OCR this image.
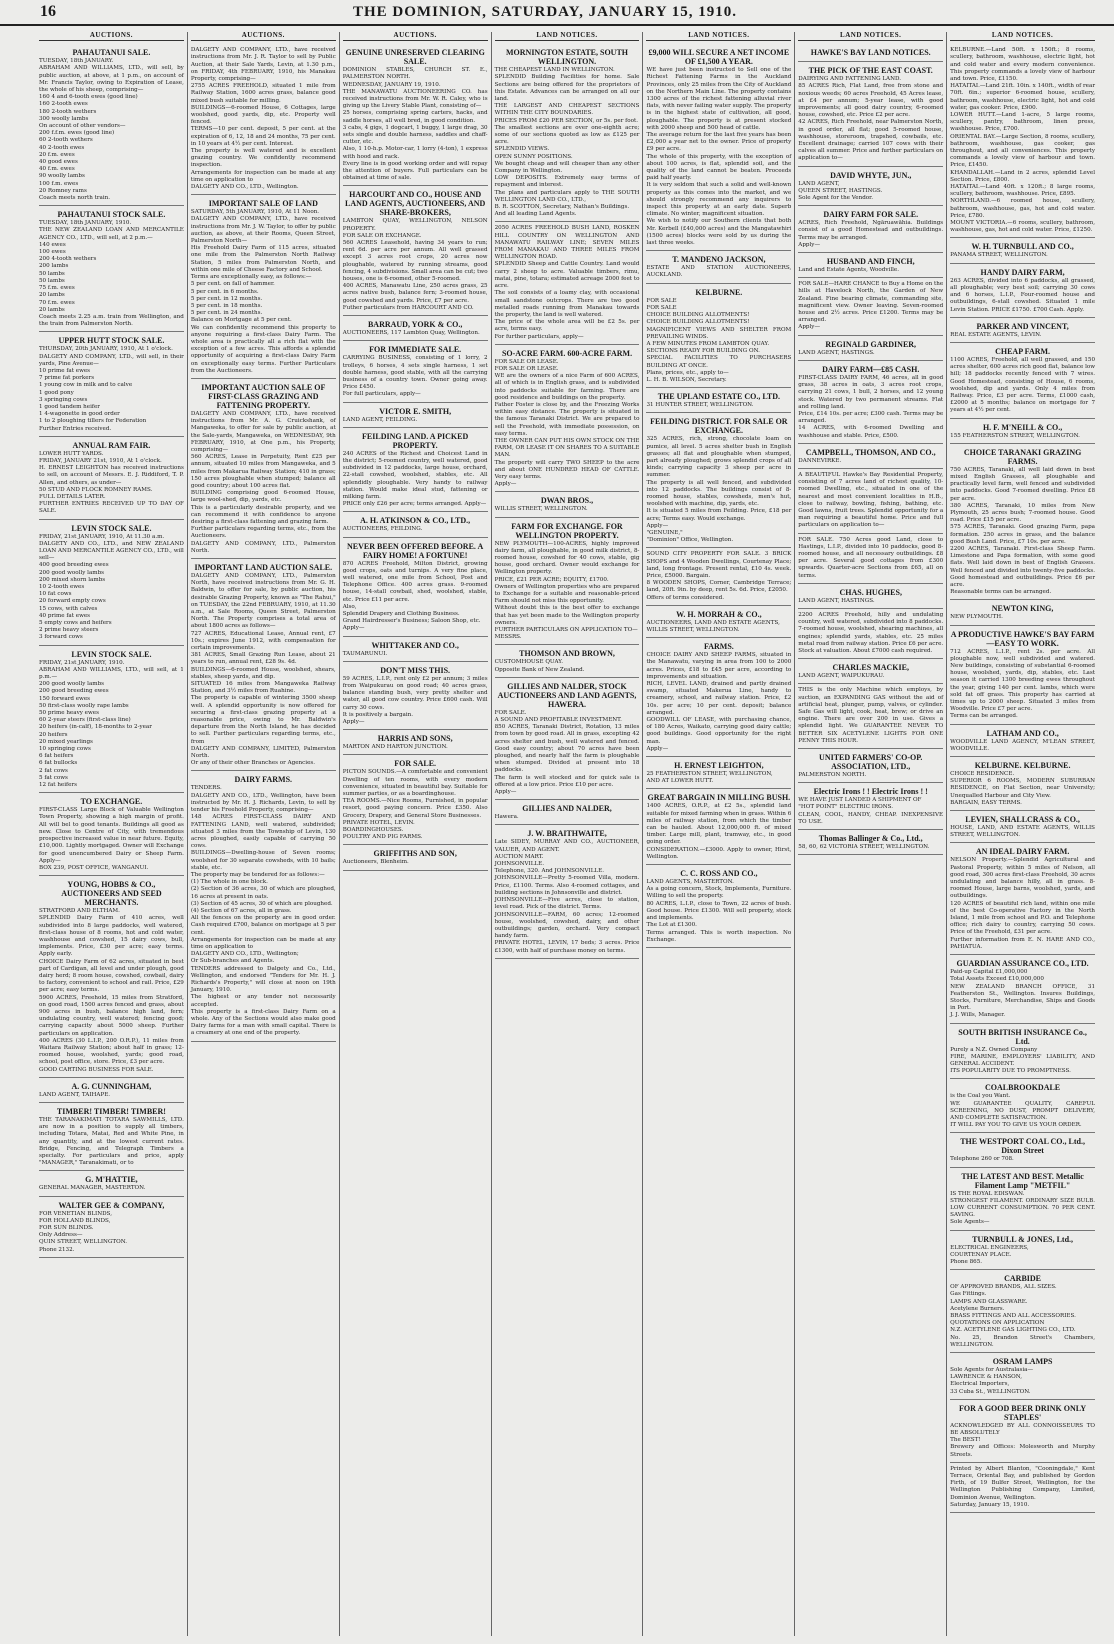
16	THE DOMINION, SATURDAY, JANUARY 15, 1910.
AUCTIONS.
PAHAUTANUI SALE.

TUESDAY, 18th JANUARY.
ABRAHAM AND WILLIAMS, LTD., will sell, by public auction, at above, at 1 p.m., on account of Mr. Francis Taylor, owing to Expiration of Lease, the whole of his sheep, comprising—
160 4 and 6-tooth ewes (good line)
160 2-tooth ewes
180 2-tooth wethers
300 woolly lambs
On account of other vendors—
200 f.f.m. ewes (good line)
60 2-tooth wethers
40 2-tooth ewes
20 f.m. ewes
40 good ewes
40 f.m. ewes
90 woolly lambs
100 f.m. ewes
20 Romney rams
Coach meets north train.

PAHAUTANUI STOCK SALE.

TUESDAY, 18th JANUARY, 1910.
THE NEW ZEALAND LOAN AND MERCANTILE AGENCY CO., LTD., will sell, at 2 p.m.—
140 ewes
100 ewes
200 4-tooth wethers
200 lambs
50 lambs
50 lambs
75 f.m. ewes
20 lambs
70 f.m. ewes
20 lambs
Coach meets 2.25 a.m. train from Wellington, and the train from Palmerston North.

UPPER HUTT STOCK SALE.

THURSDAY, 20th JANUARY, 1910, At 1 o'clock.
DALGETY AND COMPANY, LTD., will sell, in their yards, Pine Avenue—
10 prime fat ewes
7 prime fat porkers
1 young cow in milk and to calve
1 good pony
3 springing cows
1 good tandem heifer
1 4-wagonette in good order
1 to 2 ploughing tillers for Federation
Further Entries received.

ANNUAL RAM FAIR.

LOWER HUTT YARDS.
FRIDAY, JANUARY 21st, 1910, At 1 o'clock.
H. ERNEST LEIGHTON has received instructions to sell, on account of Messrs. E. J. Riddiford, T. P. Allen, and others, as under—
50 STUD AND FLOCK ROMNEY RAMS.
FULL DETAILS LATER.
FURTHER ENTRIES RECEIVED UP TO DAY OF SALE.

LEVIN STOCK SALE.

FRIDAY, 21st JANUARY, 1910, At 11.30 a.m.
DALGETY AND CO., LTD., and NEW ZEALAND LOAN AND MERCANTILE AGENCY CO., LTD., will sell—
400 good breeding ewes
200 good woolly lambs
200 mixed shorn lambs
10 2-tooth ewes
10 fat cows
20 forward empty cows
15 cows, with calves
40 prime fat ewes
5 empty cows and heifers
2 prime heavy steers
3 forward cows

LEVIN STOCK SALE.

FRIDAY, 21st JANUARY, 1910.
ABRAHAM AND WILLIAMS, LTD., will sell, at 1 p.m.—
200 good woolly lambs
200 good breeding ewes
150 forward ewes
50 first-class woolly rape lambs
50 prime heavy ewes
60 2-year steers (first-class line)
20 heifers (in-calf), 18-months to 2-year
20 heifers
20 mixed yearlings
10 springing cows
6 fat heifers
6 fat bullocks
2 fat cows
5 fat cows
12 fat heifers

TO EXCHANGE.

FIRST-CLASS Large Block of Valuable Wellington Town Property, showing a high margin of profit. All will bel to good tenants. Buildings all good as new. Close to Centre of City, with tremendous prospective increased value in near future. Equity, £10,000. Lightly mortgaged. Owner will Exchange for good unencumbered Dairy or Sheep Farm. Apply—
BOX 239, POST OFFICE, WANGANUI.

YOUNG, HOBBS & CO., AUCTIONEERS AND SEED MERCHANTS.

STRATFORD AND ELTHAM.
SPLENDID Dairy Farm of 410 acres, well subdivided into 8 large paddocks, well watered, first-class house of 8 rooms, hot and cold water, washhouse and cowshed, 15 dairy cows, bull, implements. Price, £30 per acre; easy terms. Apply early.
CHOICE Dairy Farm of 62 acres, situated in best part of Cardigan, all level and under plough, good dairy herd; 8 room house, cowshed, cowbail, dairy to factory, convenient to school and rail. Price, £29 per acre; easy terms.
5900 ACRES, Freehold, 15 miles from Stratford, on good road, 1500 acres fenced and grass, about 900 acres in bush, balance high land, fern; undulating country, well watered; fencing good; carrying capacity about 5000 sheep. Further particulars on application.
400 ACRES (30 L.I.P., 200 O.R.P.), 11 miles from Waitara Railway Station; about half in grass; 12-roomed house, woolshed, yards; good road, school, post office, store. Price, £3 per acre.
GOOD CARTING BUSINESS FOR SALE.

A. G. CUNNINGHAM,

LAND AGENT, TAIHAPE.

TIMBER! TIMBER! TIMBER!

THE TARANAKIMATI TOTARA SAWMILLS, LTD. are now in a position to supply all timbers, including Totara, Matai, Red and White Pine, in any quantity, and at the lowest current rates. Bridge, Fencing, and Telegraph Timbers a specialty. For particulars and price, apply "MANAGER," Taranakimati, or to

G. M'HATTIE,

GENERAL MANAGER, MASTERTON.

WALTER GEE & COMPANY,

FOR VENETIAN BLINDS,
FOR HOLLAND BLINDS,
FOR SUN BLINDS.
Only Address—
QUIN STREET, WELLINGTON.
Phone 2132.

AUCTIONS.

DALGETY AND COMPANY, LTD., have received instructions from Mr. J. R. Taylor to sell by Public Auction, at their Sale Yards, Levin, at 1.30 p.m., on FRIDAY, 4th FEBRUARY, 1910, his Manakau Property, comprising—
2755 ACRES FREEHOLD, situated 1 mile from Railway Station, 1600 acres grass, balance good mixed bush suitable for milling.
BUILDINGS—6-roomed House, 6 Cottages, large woolshed, good yards, dip, etc. Property well fenced.
TERMS—10 per cent. deposit, 5 per cent. at the expiration of 6, 12, 18 and 24 months, 75 per cent. in 10 years at 4½ per cent. Interest.
The property is well watered and is excellent grazing country. We confidently recommend inspection.
Arrangements for inspection can be made at any time on application to
DALGETY AND CO., LTD., Wellington.

IMPORTANT SALE OF LAND

SATURDAY, 5th JANUARY, 1910, At 11 Noon.
DALGETY AND COMPANY, LTD., have received instructions from Mr. J. W. Taylor, to offer by public auction, as above, at their Rooms, Queen Street, Palmerston North—
His Freehold Dairy Farm of 115 acres, situated one mile from the Palmerston North Railway Station, 5 miles from Palmerston North, and within one mile of Cheese Factory and School.
Terms are exceptionally easy, as follows:—
5 per cent. on fall of hammer.
5 per cent. in 6 months.
5 per cent. in 12 months.
5 per cent. in 18 months.
5 per cent. in 24 months.
Balance on Mortgage at 5 per cent.
We can confidently recommend this property to anyone requiring a first-class Dairy Farm. The whole area is practically all a rich flat with the exception of a few acres. This affords a splendid opportunity of acquiring a first-class Dairy Farm on exceptionally easy terms. Further Particulars from the Auctioneers.

IMPORTANT AUCTION SALE OF FIRST-CLASS GRAZING AND FATTENING PROPERTY.

DALGETY AND COMPANY, LTD., have received instructions from Mr. A. G. Cruickshank, of Mangaweka, to offer for sale by public auction, at the Sale-yards, Mangaweka, on WEDNESDAY, 9th FEBRUARY, 1910, at One p.m., his Property, comprising—
560 ACRES, Lease in Perpetuity, Rent £25 per annum, situated 10 miles from Mangaweka, and 5 miles from Makarua Railway Station; 410 in grass; 150 acres ploughable when stumped; balance all good country; about 100 acres flat.
BUILDING comprising good 6-roomed House, large wool-shed, dip, yards, etc.
This is a particularly desirable property, and we can recommend it with confidence to anyone desiring a first-class fattening and grazing farm.
Further particulars regarding terms, etc., from the Auctioneers.
DALGETY AND COMPANY, LTD., Palmerston North.

IMPORTANT LAND AUCTION SALE.

DALGETY AND COMPANY, LTD., Palmerston North, have received instructions from Mr. G. H. Baldwin, to offer for sale, by public auction, his desirable Grazing Property, known as "The Rahui," on TUESDAY, the 22nd FEBRUARY, 1910, at 11.30 a.m., at Sale Rooms, Queen Street, Palmerston North. The Property comprises a total area of about 1800 acres as follows—
727 ACRES, Educational Lease, Annual rent, £7 10s.; expires June 1912, with compensation for certain improvements.
381 ACRES, Small Grazing Run Lease, about 21 years to run, annual rent, £28 9s. 4d.
BUILDINGS—6-roomed House, woolshed, shears, stables, sheep yards, and dip.
SITUATED 16 miles from Mangaweka Railway Station, and 3½ miles from Ruahine.
The property is capable of wintering 3500 sheep well. A splendid opportunity is now offered for securing a first-class grazing property at a reasonable price, owing to Mr. Baldwin's departure from the North Island, he has decided to sell. Further particulars regarding terms, etc., from
DALGETY AND COMPANY, LIMITED, Palmerston North.
Or any of their other Branches or Agencies.

DAIRY FARMS.

TENDERS.
DALGETY AND CO., LTD., Wellington, have been instructed by Mr. H. J. Richards, Levin, to sell by tender his Freehold Property, comprising—
148 ACRES FIRST-CLASS DAIRY AND FATTENING LAND, well watered, subdivided; situated 3 miles from the Township of Levin, 130 acres ploughed, easily capable of carrying 50 cows.
BUILDINGS—Dwelling-house of Seven rooms; woolshed for 30 separate cowsheds, with 10 bails; stable, etc.
The property may be tendered for as follows:—
(1) The whole in one block.
(2) Section of 36 acres, 30 of which are ploughed, 16 acres at present in oats.
(3) Section of 45 acres, 30 of which are ploughed.
(4) Section of 67 acres, all in grass.
All the fences on the property are in good order. Cash required £700, balance on mortgage at 5 per cent.
Arrangements for inspection can be made at any time on application to
DALGETY AND CO., LTD., Wellington;
Or Sub-branches and Agents.
TENDERS addressed to Dalgety and Co., Ltd., Wellington, and endorsed "Tenders for Mr. H. J. Richards's Property," will close at noon on 19th January, 1910.
The highest or any tender not necessarily accepted.
This property is a first-class Dairy Farm on a whole. Any of the Sections would also make good Dairy farms for a man with small capital. There is a creamery at one end of the property.

AUCTIONS.
GENUINE UNRESERVED CLEARING SALE.

DOMINION STABLES, CHURCH ST. E., PALMERSTON NORTH.
WEDNESDAY, JANUARY 19, 1910.
THE MANAWATU AUCTIONEERING CO. has received instructions from Mr. W. R. Caley, who is giving up the Livery Stable Plant, consisting of—
25 horses, comprising spring carters, hacks, and saddle horses, all well bred, in good condition.
3 cabs, 4 gigs, 1 dogcart, 1 buggy, 1 large drag, 30 sets single and double harness, saddles and chaff-cutter, etc.
Also, 1 10-h.p. Motor-car, 1 lorry (4-ton), 1 express with hood and rack.
Every line is in good working order and will repay the attention of buyers. Full particulars can be obtained at time of sale.

HARCOURT AND CO., HOUSE AND LAND AGENTS, AUCTIONEERS, AND SHARE-BROKERS,

LAMBTON QUAY, WELLINGTON, NELSON PROPERTY.
FOR SALE OR EXCHANGE.
560 ACRES Leasehold, having 34 years to run; rent 6d. per acre per annum. All well grassed except 3 acres root crops, 20 acres now ploughable, watered by running streams, good fencing, 4 subdivisions. Small area can be cut; two houses, one is 6-roomed, other 5-roomed.
400 ACRES, Manawatu Line, 250 acres grass, 25 acres native bush, balance fern; 3-roomed house, good cowshed and yards. Price, £7 per acre.
Futher particulars from HARCOURT AND CO.

BARRAUD, YORK & CO.,

AUCTIONEERS, 117 Lambton Quay, Wellington.

FOR IMMEDIATE SALE.

CARRYING BUSINESS, consisting of 1 lorry, 2 trolleys, 6 horses, 4 sets single harness, 1 set double harness, good stable, with all the carrying business of a country town. Owner going away. Price £450.
For full particulars, apply—

VICTOR E. SMITH,

LAND AGENT, FEILDING.

FEILDING LAND. A PICKED PROPERTY.

240 ACRES of the Richest and Choicest Land in the district; 5-roomed country, well watered, good subdivided in 12 paddocks, large house, orchard, 22-stall cowshed, woolshed, stables, etc. All splendidly ploughable. Very handy to railway station. Would make ideal stud, fattening or milking farm.
PRICE only £26 per acre; terms arranged. Apply—

A. H. ATKINSON & CO., LTD.,

AUCTIONEERS, FEILDING.

NEVER BEEN OFFERED BEFORE. A FAIRY HOME! A FORTUNE!

870 ACRES Freehold, Milton District, growing good crops, oats and turnips. A very fine place, well watered, one mile from School, Post and Telephone Office. 400 acres grass. 9-roomed house, 14-stall cowbail, shed, woolshed, stable, etc. Price £11 per acre.
Also,
Splendid Drapery and Clothing Business.
Grand Hairdresser's Business; Saloon Shop, etc.
Apply—

WHITTAKER AND CO.,

TAUMARUNUI.

DON'T MISS THIS.

59 ACRES, L.I.P., rent only £2 per annum; 3 miles from Waipukurau on good road; 40 acres grass, balance standing bush, very pretty shelter and water, all good cow country. Price £600 cash. Will carry 30 cows.
It is positively a bargain.
Apply—

HARRIS AND SONS,

MARTON AND HARTON JUNCTION.

FOR SALE.

PICTON SOUNDS.—A comfortable and convenient Dwelling of ten rooms, with every modern convenience, situated in beautiful bay. Suitable for summer parties, or as a boardinghouse.
TEA ROOMS.—Nice Rooms, Furnished, in popular resort, good paying concern. Price £350. Also Grocery, Drapery, and General Store Businesses.
PRIVATE HOTEL, LEVIN.
BOARDINGHOUSES.
POULTRY AND PIG FARMS.

GRIFFITHS AND SON,

Auctioneers, Blenheim.

LAND NOTICES.
MORNINGTON ESTATE, SOUTH WELLINGTON.

THE CHEAPEST LAND IN WELLINGTON.
SPLENDID Building Facilities for home. Sale Sections are being offered for the proprietors of this Estate. Advances can be arranged on all our land.
THE LARGEST AND CHEAPEST SECTIONS WITHIN THE CITY BOUNDARIES.
PRICES FROM £20 PER SECTION, or 5s. per foot.
The smallest sections are over one-eighth acre; some of our sections quoted as low as £125 per acre.
SPLENDID VIEWS.
OPEN SUNNY POSITIONS.
We bought cheap and will cheaper than any other Company in Wellington.
LOW DEPOSITS. Extremely easy terms of repayment and interest.
The plans and particulars apply to THE SOUTH WELLINGTON LAND CO., LTD.,
B. R. SCOTTON, Secretary, Nathan's Buildings.
And all leading Land Agents.

2050 ACRES FREEHOLD BUSH LAND, ROSKEN HILL COUNTRY ON WELLINGTON AND MANAWATU RAILWAY LINE; SEVEN MILES FROM MANAKAU AND THREE MILES FROM WELLINGTON ROAD.
SPLENDID Sheep and Cattle Country. Land would carry 2 sheep to acre. Valuable timbers, rimu, matai, pine, totara; estimated acreage 2000 feet to acre.
The soil consists of a loamy clay, with occasional small sandstone outcrops. There are two good metalled roads running from Manakau towards the property, the land is well watered.
The price of the whole area will be £2 5s. per acre, terms easy.
For further particulars, apply—

SO-ACRE FARM. 600-ACRE FARM.

FOR SALE OR LEASE.
FOR SALE OR LEASE.
WE are the owners of a nice Farm of 600 ACRES, all of which is in English grass, and is subdivided into paddocks suitable for farming. There are good residence and buildings on the property.
Father Foster is close by, and the Freezing Works within easy distance. The property is situated in the famous Taranaki District. We are prepared to sell the Freehold, with immediate possession, on easy terms.
THE OWNER CAN PUT HIS OWN STOCK ON THE FARM, OR LEASE IT ON SHARES TO A SUITABLE MAN.
The property will carry TWO SHEEP to the acre and about ONE HUNDRED HEAD OF CATTLE. Very easy terms.
Apply—

DWAN BROS.,

WILLIS STREET, WELLINGTON.

FARM FOR EXCHANGE. FOR WELLINGTON PROPERTY.

NEW PLYMOUTH—100-ACRES, highly improved dairy farm, all ploughable, in good milk district, 8-roomed house, cowshed for 40 cows, stable, gig house, good orchard. Owner would exchange for Wellington property.
PRICE, £21 PER ACRE; EQUITY, £1700.
Owners of Wellington properties who are prepared to Exchange for a suitable and reasonable-priced Farm should not miss this opportunity.
Without doubt this is the best offer to exchange that has yet been made to the Wellington property owners.
FURTHER PARTICULARS ON APPLICATION TO—
MESSRS.

THOMSON AND BROWN,

CUSTOMHOUSE QUAY.
Opposite Bank of New Zealand.

GILLIES AND NALDER, STOCK AUCTIONEERS AND LAND AGENTS, HAWERA.

FOR SALE.
A SOUND AND PROFITABLE INVESTMENT.
850 ACRES, Taranaki District, Rotation, 13 miles from town by good road. All in grass, excepting 42 acres shelter and bush, well watered and fenced. Good easy country; about 70 acres have been ploughed, and nearly half the farm is ploughable when stumped. Divided at present into 18 paddocks.
The farm is well stocked and for quick sale is offered at a low price. Price £10 per acre.
Apply—

GILLIES AND NALDER,

Hawera.

J. W. BRAITHWAITE,

Late SIDEY, MURRAY AND CO., AUCTIONEER, VALUER, AND AGENT.
AUCTION MART.
JOHNSONVILLE.
Telephone, 320. And JOHNSONVILLE.
JOHNSONVILLE—Pretty 5-roomed Villa, modern. Price, £1100. Terms. Also 4-roomed cottages, and building sections in Johnsonville and district.
JOHNSONVILLE—Five acres, close to station, level road. Pick of the district. Terms.
JOHNSONVILLE—FARM, 60 acres; 12-roomed house, woolshed, cowshed, dairy, and other outbuildings; garden, orchard. Very compact handy farm.
PRIVATE HOTEL, LEVIN, 17 beds; 3 acres. Price £1300, with half of purchase money on terms.

LAND NOTICES.
£9,000 WILL SECURE A NET INCOME OF £1,500 A YEAR.

WE have just been instructed to Sell one of the Richest Fattening Farms in the Auckland Provinces, only 25 miles from the City of Auckland on the Northern Main Line. The property contains 1300 acres of the richest fattening alluvial river flats, with never failing water supply. The property is in the highest state of cultivation, all good, ploughable. The property is at present stocked with 2000 sheep and 500 head of cattle.
The average return for the last five years has been £2,000 a year net to the owner. Price of property £9 per acre.
The whole of this property, with the exception of about 100 acres, is flat, splendid soil, and the quality of the land cannot be beaten. Proceeds paid half yearly.
It is very seldom that such a solid and well-known property as this comes into the market, and we should strongly recommend any inquirers to inspect this property at an early date. Superb climate. No winter, magnificent situation.
We wish to notify our Southern clients that both Mr. Kerbell (£40,000 acres) and the Mangatawhiri (1500 acres) blocks were sold by us during the last three weeks.

T. MANDENO JACKSON,

ESTATE AND STATION AUCTIONEERS, AUCKLAND.

KELBURNE.

FOR SALE
FOR SALE
CHOICE BUILDING ALLOTMENTS!
CHOICE BUILDING ALLOTMENTS!
MAGNIFICENT VIEWS AND SHELTER FROM PREVAILING WINDS.
A FEW MINUTES FROM LAMBTON QUAY.
SECTIONS READY FOR BUILDING ON.
SPECIAL FACILITIES TO PURCHASERS BUILDING AT ONCE.
Plans, prices, etc., apply to—
L. H. B. WILSON, Secretary.

THE UPLAND ESTATE CO., LTD.

31 HUNTER STREET, WELLINGTON.

FEILDING DISTRICT. FOR SALE OR EXCHANGE.

325 ACRES, rich, strong, chocolate loam on pumice, all level. 5 acres shelter bush in English grasses; all flat and ploughable when stumped, part already ploughed; grows splendid crops of all kinds; carrying capacity 3 sheep per acre in summer.
The property is all well fenced, and subdivided into 12 paddocks. The buildings consist of 8-roomed house, stables, cowsheds, men's hut, woolshed with machine, dip, yards, etc.
It is situated 5 miles from Feilding. Price, £18 per acre; Terms easy. Would exchange.
Apply—
"GENUINE,"
"Dominion" Office, Wellington.

SOUND CITY PROPERTY FOR SALE. 3 BRICK SHOPS and 4 Wooden Dwellings, Courtenay Place; land, long frontage. Present rental, £10 4s. week. Price, £5000. Bargain.
8 WOODEN SHOPS, Corner, Cambridge Terrace; land, 20ft. 9in. by deep, rent 5s. 6d. Price, £2050.
Offers of terms considered.

W. H. MORRAH & CO.,

AUCTIONEERS, LAND AND ESTATE AGENTS,
WILLIS STREET, WELLINGTON.

FARMS.

CHOICE DAIRY AND SHEEP FARMS, situated in the Manawatu, varying in area from 100 to 2000 acres. Prices, £18 to £45 per acre, according to improvements and situation.
RICH, LEVEL LAND, drained and partly drained swamp, situated Makerua Line, handy to creamery, school, and railway station. Price, £2 10s. per acre; 10 per cent. deposit; balance arranged.
GOODWILL OF LEASE, with purchasing chance, of 180 Acres, Waikato, carrying good dairy cattle; good buildings. Good opportunity for the right man.
Apply—

H. ERNEST LEIGHTON,

25 FEATHERSTON STREET, WELLINGTON,
AND AT LOWER HUTT.

GREAT BARGAIN IN MILLING BUSH.

1400 ACRES, O.R.P., at £2 5s., splendid land suitable for mixed farming when in grass. Within 6 miles of railway station, from which the timber can be hauled. About 12,000,000 ft. of mixed timber. Large mill, plant, tramway, etc., in good going order.
CONSIDERATION.—£3000. Apply to owner, Hirst, Wellington.

C. C. ROSS AND CO.,

LAND AGENTS, MASTERTON.
As a going concern, Stock, Implements, Furniture. Willing to sell the property.
80 ACRES, L.I.P., close to Town, 22 acres of bush. Good house. Price £1300. Will sell property, stock and implements.
The Lot at £1300.
Terms arranged. This is worth inspection. No Exchange.

LAND NOTICES.
HAWKE'S BAY LAND NOTICES.
THE PICK OF THE EAST COAST.

DAIRYING AND FATTENING LAND.
85 ACRES Rich, Flat Land, free from stone and noxious weeds; 60 acres Freehold, 45 Acres lease, at £4 per annum; 5-year lease, with good improvements; all good dairy country, 6-roomed house, cowshed, etc. Price £2 per acre.
42 ACRES, Rich Freehold, near Palmerston North, in good order, all flat; good 5-roomed house, washhouse, storeroom, trapshed, cowbails, etc. Excellent drainage; carried 107 cows with their calves all summer. Price and further particulars on application to—

DAVID WHYTE, JUN.,

LAND AGENT,
QUEEN STREET, HASTINGS.
Sole Agent for the Vendor.

DAIRY FARM FOR SALE.

ACRES, Rich Freehold, Ngāruawāhia. Buildings consist of a good Homestead and outbuildings. Terms may be arranged.
Apply—

HUSBAND AND FINCH,

Land and Estate Agents, Woodville.

FOR SALE—HARE CHANCE to Buy a Home on the hills at Havelock North, the Garden of New Zealand. Fine bearing climate, commanding site, magnificent view. Owner leaving. Seven-roomed house and 2½ acres. Price £1200. Terms may be arranged.
Apply—

REGINALD GARDINER,

LAND AGENT, HASTINGS.

DAIRY FARM—£85 CASH.

FIRST-CLASS DAIRY FARM, 46 acres, all in good grass, 38 acres in oats, 3 acres root crops, carrying 21 cows, 1 bull, 2 horses, and 12 young stock. Watered by two permanent streams. Flat and rolling land.
Price, £14 10s. per acre; £300 cash. Terms may be arranged.
14 ACRES, with 6-roomed Dwelling and washhouse and stable. Price, £500.

CAMPBELL, THOMSON, AND CO.,

DANNEVIRKE.

A BEAUTIFUL Hawke's Bay Residential Property, consisting of 7 acres land of richest quality, 10-roomed Dwelling, etc., situated in one of the nearest and most convenient localities in H.B., close to railway, bowling, fishing, bathing, etc. Good lawns, fruit trees. Splendid opportunity for a man requiring a beautiful home. Price and full particulars on application to—

FOR SALE. 750 Acres good Land, close to Hastings, L.I.P., divided into 10 paddocks, good 8-roomed house, and all necessary outbuildings. £8 per acre. Several good cottages from £300 upwards. Quarter-acre Sections from £65, all on terms.

CHAS. HUGHES,

LAND AGENT, HASTINGS.

2200 ACRES Freehold, hilly and undulating country, well watered, subdivided into 8 paddocks. 7-roomed house, woolshed, shearing machines, all engines; splendid yards, stables, etc. 25 miles metal road from railway station. Price £6 per acre. Stock at valuation. About £7000 cash required.

CHARLES MACKIE,

LAND AGENT, WAIPUKURAU.

THIS is the only Machine which employs, by suction, an EXPANDING GAS without the aid of artificial heat, plunger, pump, valves, or cylinder. Safe Gas will light, cook, heat, brew; or drive an engine. There are over 200 in use. Gives a splendid light. We GUARANTEE NEVER TO BETTER SIX ACETYLENE LIGHTS FOR ONE PENNY THIS HOUR.

UNITED FARMERS' CO-OP. ASSOCIATION, LTD.,

PALMERSTON NORTH.

Electric Irons ! ! Electric Irons ! !

WE HAVE JUST LANDED A SHIPMENT OF
"HOT POINT" ELECTRIC IRONS.
CLEAN, COOL, HANDY, CHEAP. INEXPENSIVE TO USE.

Thomas Ballinger & Co., Ltd.,

58, 60, 62 VICTORIA STREET, WELLINGTON.

LAND NOTICES.

KELBURNE.—Land 50ft. x 150ft.; 8 rooms, scullery, bathroom, washhouse, electric light, hot and cold water and every modern convenience. This property commands a lovely view of harbour and town. Price, £1150.
HATAITAI.—Land 21ft. 10in. x 140ft., width of rear 70ft. 6in.; superior 6-roomed house, scullery, bathroom, washhouse, electric light, hot and cold water, gas cooker. Price, £900.
LOWER HUTT.—Land 1-acre, 5 large rooms, scullery, pantry, bathroom, linen press, washhouse. Price, £700.
ORIENTAL BAY.—Large Section, 8 rooms, scullery, bathroom, washhouse, gas cooker, gas throughout, and all conveniences. This property commands a lovely view of harbour and town. Price, £1450.
KHANDALLAH.—Land in 2 acres, splendid Level Section. Price, £800.
HATAITAI.—Land 40ft. x 120ft.; 8 large rooms, scullery, bathroom, washhouse. Price, £895.
NORTHLAND.—6 roomed house, scullery, bathroom, washhouse, gas, hot and cold water. Price, £780.
MOUNT VICTORIA.—6 rooms, scullery, bathroom, washhouse, gas, hot and cold water. Price, £1250.

W. H. TURNBULL AND CO.,

PANAMA STREET, WELLINGTON.

HANDY DAIRY FARM,

263 ACRES, divided into 6 paddocks, all grassed, all ploughable; very best soil; carrying 30 cows and 6 horses, L.I.P., Four-roomed house and outbuildings, 6-stall cowshed. Situated 1 mile Levin Station. PRICE £1750. £700 Cash. Apply.

PARKER AND VINCENT,

REAL ESTATE AGENTS, LEVIN.

CHEAP FARM.

1100 ACRES, Freehold, all well grassed, and 150 acres shelter, 600 acres rich good flat, balance low hill; 18 paddocks recently fenced with 7 wires. Good Homestead, consisting of House, 6 rooms, woolshed, dip and yards. Only 4 miles from Railway. Price, £3 per acre. Terms, £1000 cash, £2000 at 5 months; balance on mortgage for 7 years at 4½ per cent.

H. F. M'NEILL & CO.,

155 FEATHERSTON STREET, WELLINGTON.

CHOICE TARANAKI GRAZING FARMS.

750 ACRES, Taranaki, all well laid down in best mixed English Grasses, all ploughable and practically level farm, well fenced and subdivided into paddocks. Good 7-roomed dwelling. Price £8 per acre.
380 ACRES, Taranaki, 10 miles from New Plymouth, 25 acres bush; 7-roomed house. Good road. Price £15 per acre.
575 ACRES, Taranaki. Good grazing Farm, papa formation. 250 acres in grass, and the balance good Bush Land. Price, £7 10s. per acre.
2200 ACRES, Taranaki. First-class Sheep Farm. Limestone and Papa formation, with some good flats. Well laid down in best of English Grasses. Well fenced and divided into twenty-five paddocks. Good homestead and outbuildings. Price £6 per acre.
Reasonable terms can be arranged.

NEWTON KING,

NEW PLYMOUTH.

A PRODUCTIVE HAWKE'S BAY FARM—EASY TO WORK.

712 ACRES, L.I.P., rent 2s. per acre. All ploughable now, well subdivided and watered. New buildings, consisting of substantial 6-roomed house, woolshed, yards, dip, stables, etc. Last season it carried 1300 breeding ewes throughout the year, giving 140 per cent. lambs, which were sold fat off grass. This property has carried at times up to 2000 sheep. Situated 3 miles from Woodville. Price £7 per acre.
Terms can be arranged.

LATHAM AND CO.,

WOODVILLE LAND AGENCY, M'LEAN STREET, WOODVILLE.

KELBURNE. KELBURNE.

CHOICE RESIDENCE.
SUPERIOR 6 ROOMS, MODERN SUBURBAN RESIDENCE, on Flat Section, near University; Unequalled Harbour and City View.
BARGAIN, EASY TERMS.

LEVIEN, SHALLCRASS & CO.,

HOUSE, LAND, AND ESTATE AGENTS, WILLIS STREET, WELLINGTON.

AN IDEAL DAIRY FARM.

NELSON Property.—Splendid Agricultural and Pastoral Property, within 5 miles of Nelson, all good road, 300 acres first-class Freehold, 30 acres undulating and balance hilly, all in grass. 8-roomed House, large barns, woolshed, yards, and outbuildings.
120 ACRES of beautiful rich land, within one mile of the best Co-operative Factory in the North Island, 1 mile from school and P.O. and Telephone office; rich dairy to country, carrying 50 cows. Price of the Freehold, £31 per acre.
Further information from E. N. HARE AND CO., PAHIATUA.

GUARDIAN ASSURANCE CO., LTD.

Paid-up Capital £1,000,000
Total Assets Exceed £10,000,000
NEW ZEALAND BRANCH OFFICE, 31 Featherston St., Wellington. Insures Buildings, Stocks, Furniture, Merchandise, Ships and Goods in Port.
J. J. Wills, Manager.

SOUTH BRITISH INSURANCE Co., Ltd.

Purely a N.Z. Owned Company
FIRE, MARINE, EMPLOYERS' LIABILITY, AND GENERAL ACCIDENT.
ITS POPULARITY DUE TO PROMPTNESS.

COALBROOKDALE

is the Coal you Want.
WE GUARANTEE QUALITY, CAREFUL SCREENING, NO DUST, PROMPT DELIVERY, AND COMPLETE SATISFACTION.
IT WILL PAY YOU TO GIVE US YOUR ORDER.

THE WESTPORT COAL CO., Ltd., Dixon Street

Telephone 260 or 708.

THE LATEST AND BEST. Metallic Filament Lamp "METFIL"

IS THE ROYAL EDISWAN.
STRONGEST FILAMENT. ORDINARY SIZE BULB. LOW CURRENT CONSUMPTION. 70 PER CENT. SAVING.
Sole Agents—

TURNBULL & JONES, Ltd.,

ELECTRICAL ENGINEERS,
COURTENAY PLACE.
Phone 865.

CARBIDE

OF APPROVED BRANDS, ALL SIZES.
Gas Fittings.
LAMPS AND GLASSWARE.
Acetylene Burners.
BRASS FITTINGS AND ALL ACCESSORIES.
QUOTATIONS ON APPLICATION
N.Z. ACETYLENE GAS LIGHTING CO., LTD.
No. 25, Brandon Street's Chambers, WELLINGTON.

OSRAM LAMPS

Sole Agents for Australasia—
LAWRENCE & HANSON,
Electrical Importers,
33 Cuba St., WELLINGTON.

FOR A GOOD BEER DRINK ONLY STAPLES'

ACKNOWLEDGED BY ALL CONNOISSEURS TO BE ABSOLUTELY
The BEST!
Brewery and Offices: Molesworth and Murphy Streets.

Printed by Albert Blanton, "Cooningdale," Kent Terrace, Oriental Bay, and published by Gordon Firth, of 19 Bulfer Street, Wellington, for the Wellington Publishing Company, Limited, Dominion Avenue, Wellington.
Saturday, January 15, 1910.
